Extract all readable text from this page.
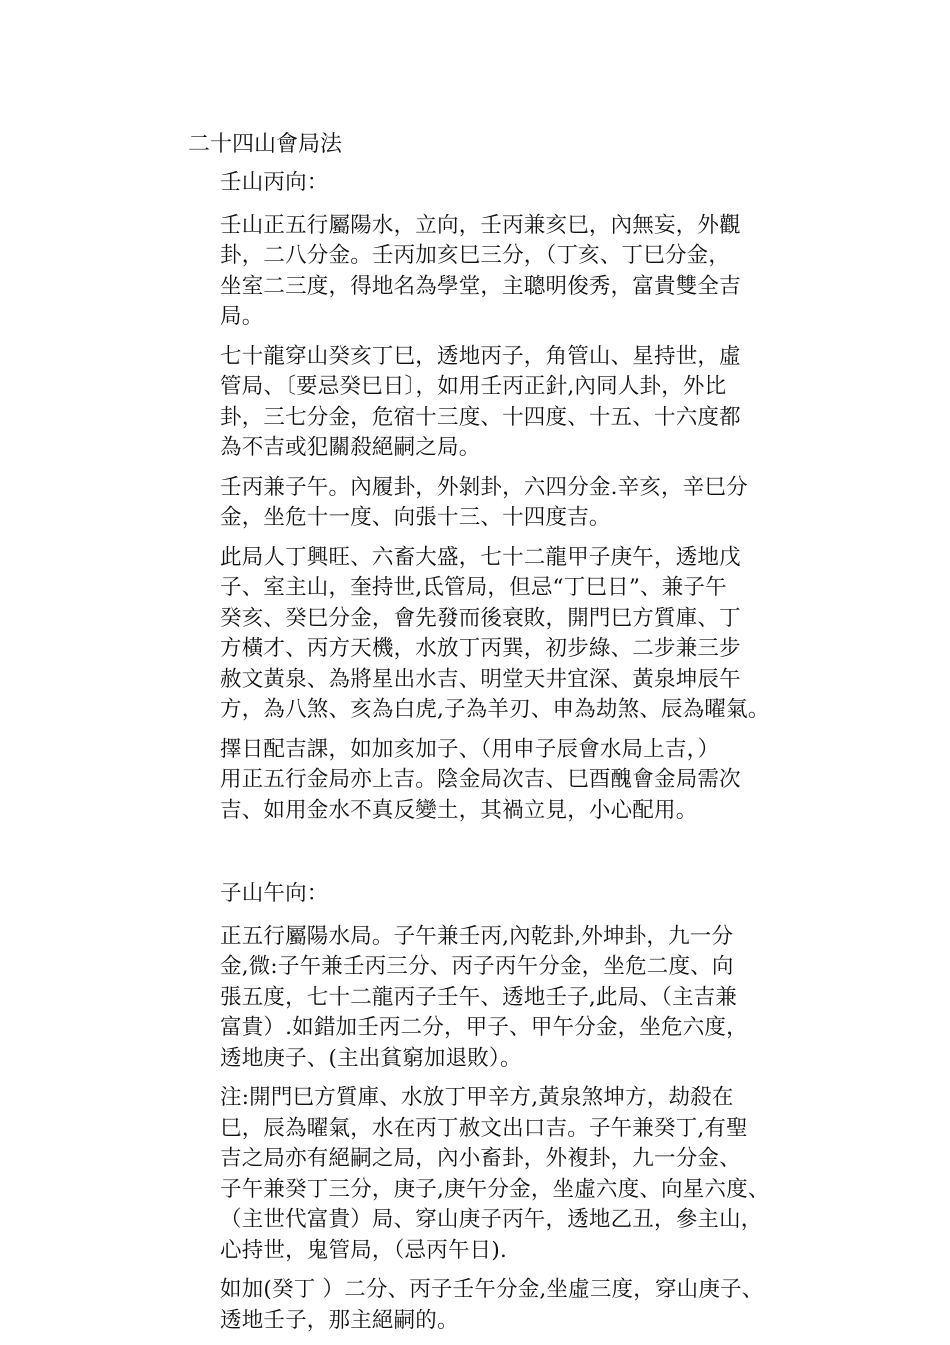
二十四山會局法

壬山丙向：

壬山正五行屬陽水，立向，壬丙兼亥巳，內無妄，外觀
卦，二八分金。壬丙加亥巳三分，（丁亥、丁巳分金，
坐室二三度，得地名為學堂，主聰明俊秀，富貴雙全吉
局。

七十龍穿山癸亥丁巳，透地丙子，角管山、星持世，虛
管局、〔要忌癸巳日〕，如用壬丙正針,內同人卦，外比
卦，三七分金，危宿十三度、十四度、十五、十六度都
為不吉或犯關殺絕嗣之局。

壬丙兼子午。內履卦，外剝卦，六四分金.辛亥，辛巳分
金，坐危十一度、向張十三、十四度吉。

此局人丁興旺、六畜大盛，七十二龍甲子庚午，透地戊
子、室主山，奎持世,氐管局，但忌“丁巳日”、兼子午
癸亥、癸巳分金，會先發而後衰敗，開門巳方質庫、丁
方橫才、丙方天機，水放丁丙巽，初步綠、二步兼三步
赦文黃泉、為將星出水吉、明堂天井宜深、黃泉坤辰午
方，為八煞、亥為白虎,子為羊刃、申為劫煞、辰為曜氣。

擇日配吉課，如加亥加子、（用申子辰會水局上吉，）
用正五行金局亦上吉。陰金局次吉、巳酉醜會金局需次
吉、如用金水不真反變土，其禍立見，小心配用。

子山午向：

正五行屬陽水局。子午兼壬丙,內乾卦,外坤卦，九一分
金,微:子午兼壬丙三分、丙子丙午分金，坐危二度、向
張五度，七十二龍丙子壬午、透地壬子,此局、（主吉兼
富貴）.如錯加壬丙二分，甲子、甲午分金，坐危六度，
透地庚子、(主出貧窮加退敗）。

注:開門巳方質庫、水放丁甲辛方,黃泉煞坤方，劫殺在
巳，辰為曜氣，水在丙丁赦文出口吉。子午兼癸丁,有聖
吉之局亦有絕嗣之局，內小畜卦，外複卦，九一分金、
子午兼癸丁三分，庚子,庚午分金，坐虛六度、向星六度、
（主世代富貴）局、穿山庚子丙午，透地乙丑，參主山，
心持世，鬼管局，（忌丙午日).

如加(癸丁 ）二分、丙子壬午分金,坐虛三度，穿山庚子、
透地壬子，那主絕嗣的。
